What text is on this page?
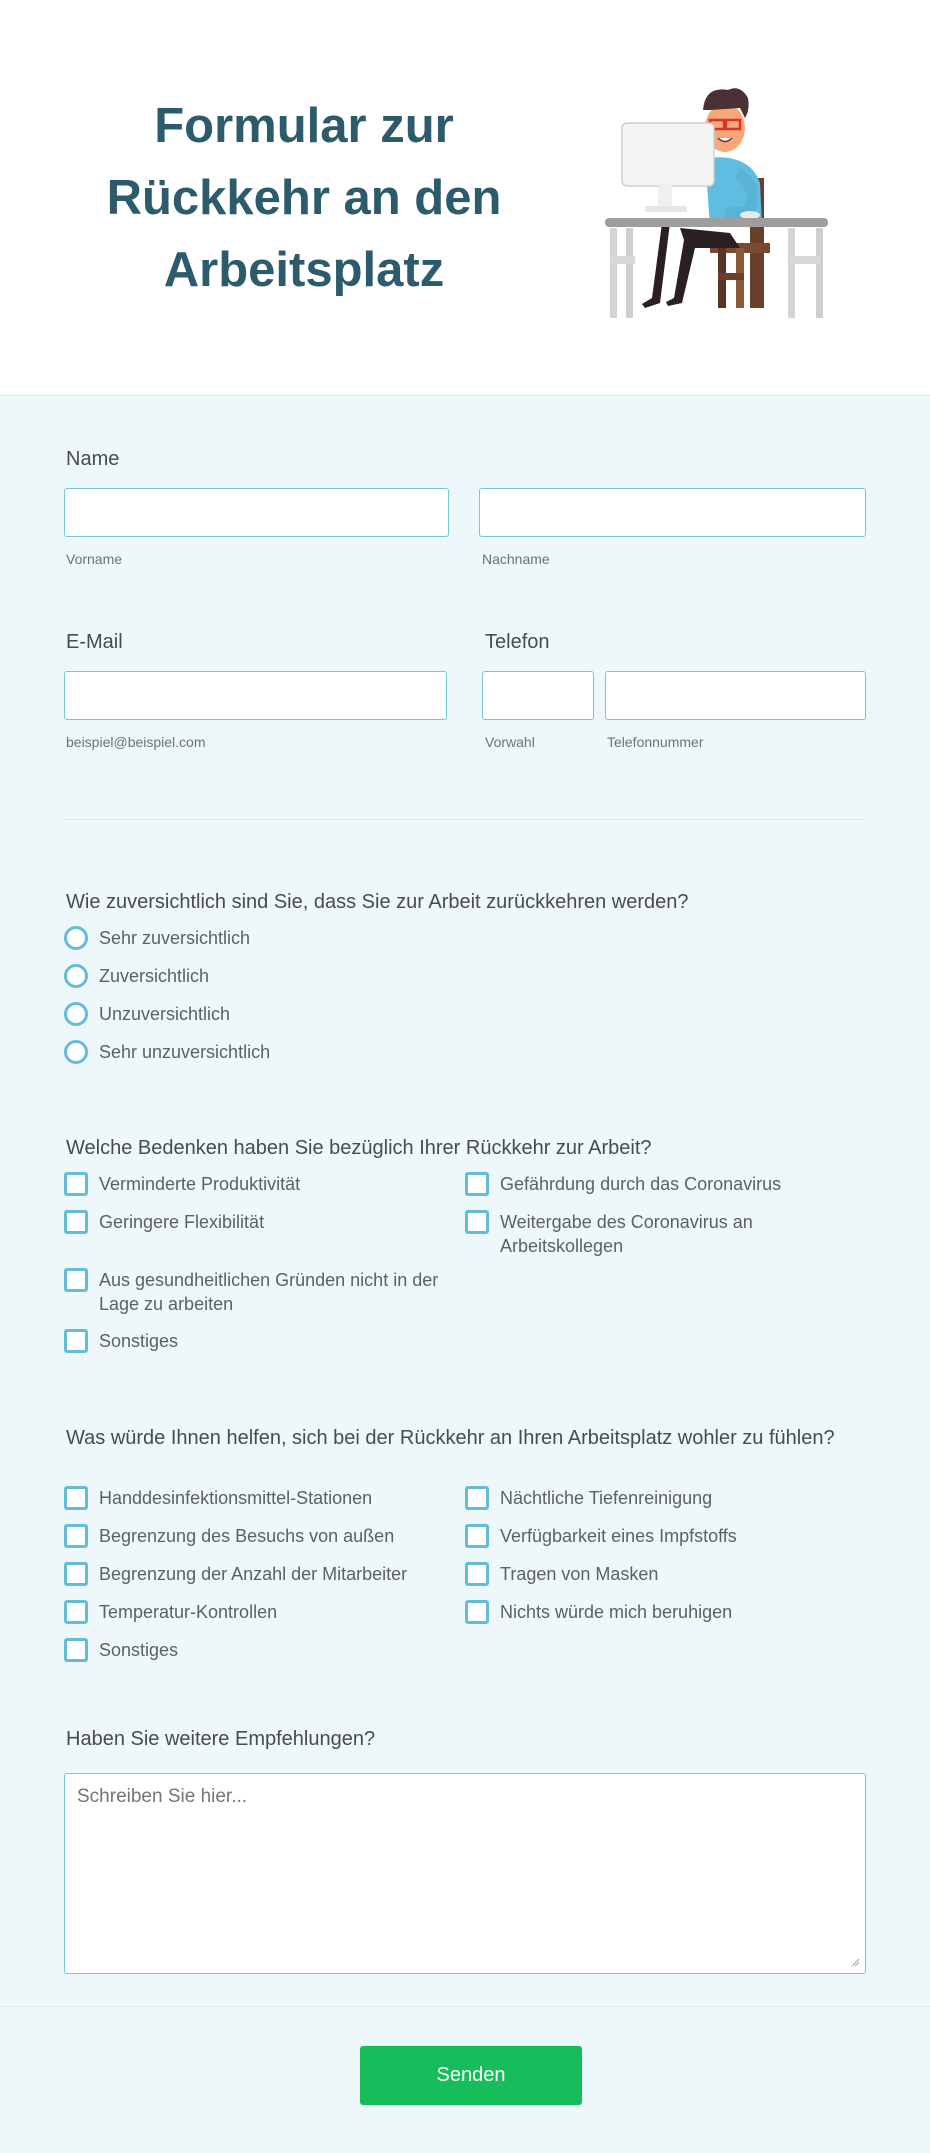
Formular zur Rückkehr an den Arbeitsplatz
Name
Vorname	Nachname
E-Mail
beispiel@beispiel.com
Telefon
Vorwahl	Telefonnummer
Wie zuversichtlich sind Sie, dass Sie zur Arbeit zurückkehren werden?
Sehr zuversichtlich
Zuversichtlich
Unzuversichtlich
Sehr unzuversichtlich
Welche Bedenken haben Sie bezüglich Ihrer Rückkehr zur Arbeit?
Verminderte Produktivität	Gefährdung durch das Coronavirus
Geringere Flexibilität	Weitergabe des Coronavirus an Arbeitskollegen
Aus gesundheitlichen Gründen nicht in der Lage zu arbeiten
Sonstiges
Was würde Ihnen helfen, sich bei der Rückkehr an Ihren Arbeitsplatz wohler zu fühlen?
Handdesinfektionsmittel-Stationen	Nächtliche Tiefenreinigung
Begrenzung des Besuchs von außen	Verfügbarkeit eines Impfstoffs
Begrenzung der Anzahl der Mitarbeiter	Tragen von Masken
Temperatur-Kontrollen	Nichts würde mich beruhigen
Sonstiges
Haben Sie weitere Empfehlungen?
Schreiben Sie hier...
Senden
